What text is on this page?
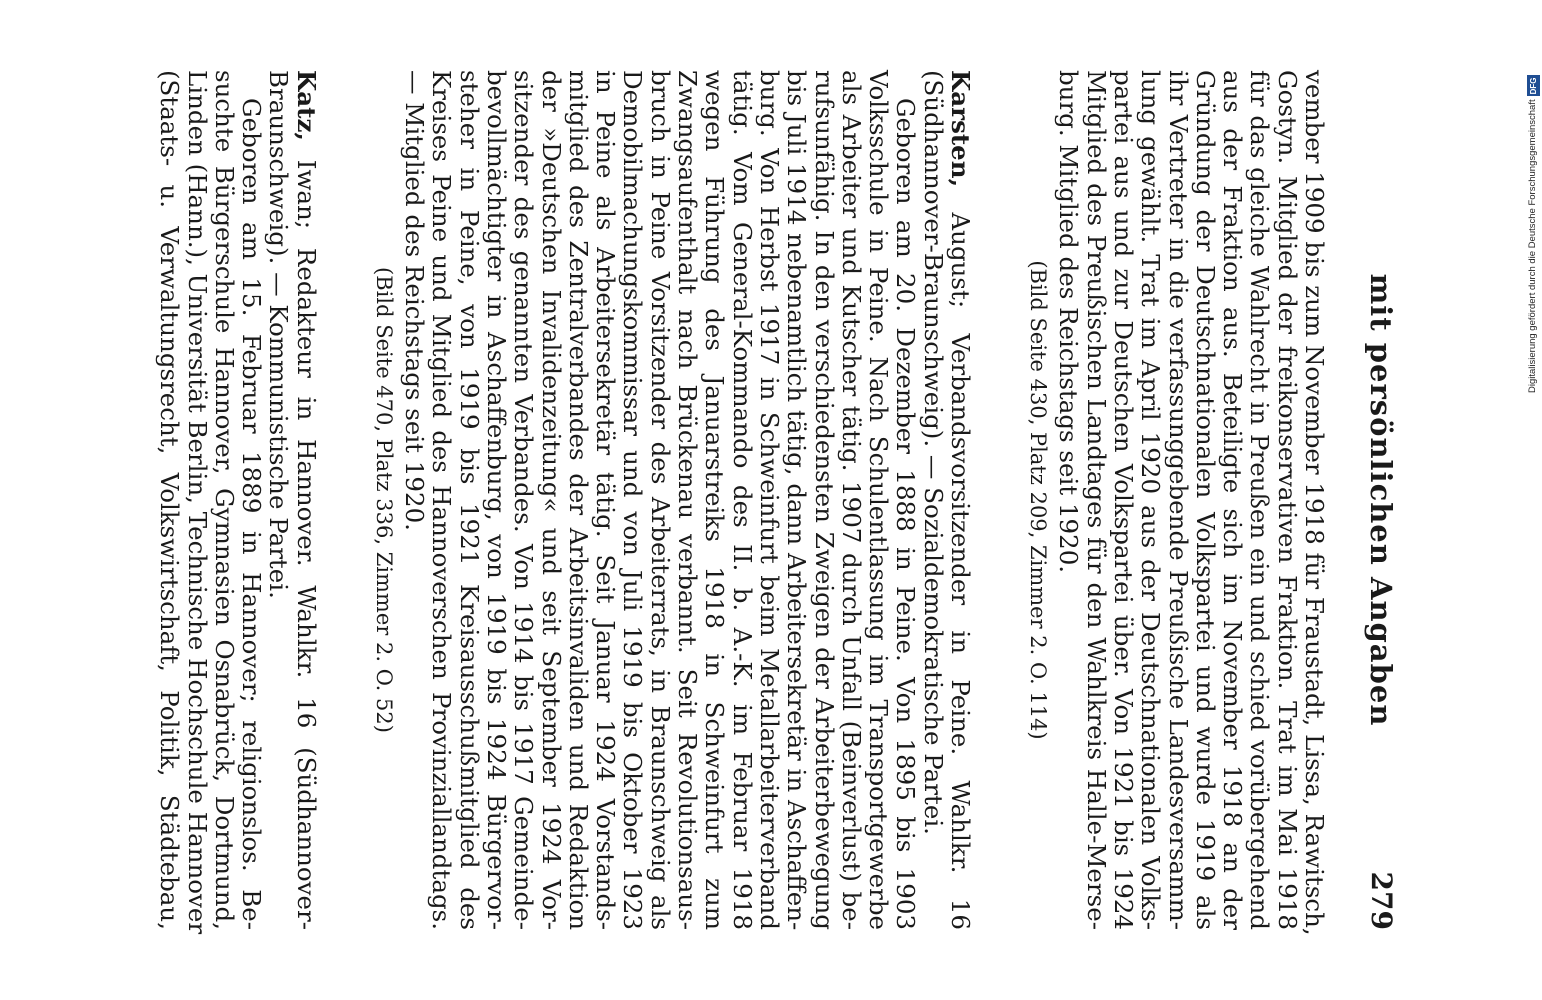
mit persönlichen Angaben
279
vember 1909 bis zum November 1918 für Fraustadt, Lissa, Rawitsch,
Gostyn. Mitglied der freikonservativen Fraktion. Trat im Mai 1918
für das gleiche Wahlrecht in Preußen ein und schied vorübergehend
aus der Fraktion aus. Beteiligte sich im November 1918 an der
Gründung der Deutschnationalen Volkspartei und wurde 1919 als
ihr Vertreter in die verfassunggebende Preußische Landesversamm-
lung gewählt. Trat im April 1920 aus der Deutschnationalen Volks-
partei aus und zur Deutschen Volkspartei über. Von 1921 bis 1924
Mitglied des Preußischen Landtages für den Wahlkreis Halle-Merse-
burg. Mitglied des Reichstags seit 1920.
(Bild Seite 430, Platz 209, Zimmer 2. O. 114)
Karsten, August; Verbandsvorsitzender in Peine. Wahlkr. 16
(Südhannover-Braunschweig). — Sozialdemokratische Partei.
Geboren am 20. Dezember 1888 in Peine. Von 1895 bis 1903
Volksschule in Peine. Nach Schulentlassung im Transportgewerbe
als Arbeiter und Kutscher tätig. 1907 durch Unfall (Beinverlust) be-
rufsunfähig. In den verschiedensten Zweigen der Arbeiterbewegung
bis Juli 1914 nebenamtlich tätig, dann Arbeitersekretär in Aschaffen-
burg. Von Herbst 1917 in Schweinfurt beim Metallarbeiterverband
tätig. Vom General-Kommando des II. b. A.-K. im Februar 1918
wegen Führung des Januarstreiks 1918 in Schweinfurt zum
Zwangsaufenthalt nach Brückenau verbannt. Seit Revolutionsaus-
bruch in Peine Vorsitzender des Arbeiterrats, in Braunschweig als
Demobilmachungskommissar und von Juli 1919 bis Oktober 1923
in Peine als Arbeitersekretär tätig. Seit Januar 1924 Vorstands-
mitglied des Zentralverbandes der Arbeitsinvaliden und Redaktion
der »Deutschen Invalidenzeitung« und seit September 1924 Vor-
sitzender des genannten Verbandes. Von 1914 bis 1917 Gemeinde-
bevollmächtigter in Aschaffenburg, von 1919 bis 1924 Bürgervor-
steher in Peine, von 1919 bis 1921 Kreisausschußmitglied des
Kreises Peine und Mitglied des Hannoverschen Provinziallandtags.
— Mitglied des Reichstags seit 1920.
(Bild Seite 470, Platz 336, Zimmer 2. O. 52)
Katz, Iwan; Redakteur in Hannover. Wahlkr. 16 (Südhannover-
Braunschweig). — Kommunistische Partei.
Geboren am 15. Februar 1889 in Hannover; religionslos. Be-
suchte Bürgerschule Hannover, Gymnasien Osnabrück, Dortmund,
Linden (Hann.), Universität Berlin, Technische Hochschule Hannover
(Staats- u. Verwaltungsrecht, Volkswirtschaft, Politik, Städtebau,	Digitalisierung gefördert durch die Deutsche Forschungsgemeinschaft
DFG
